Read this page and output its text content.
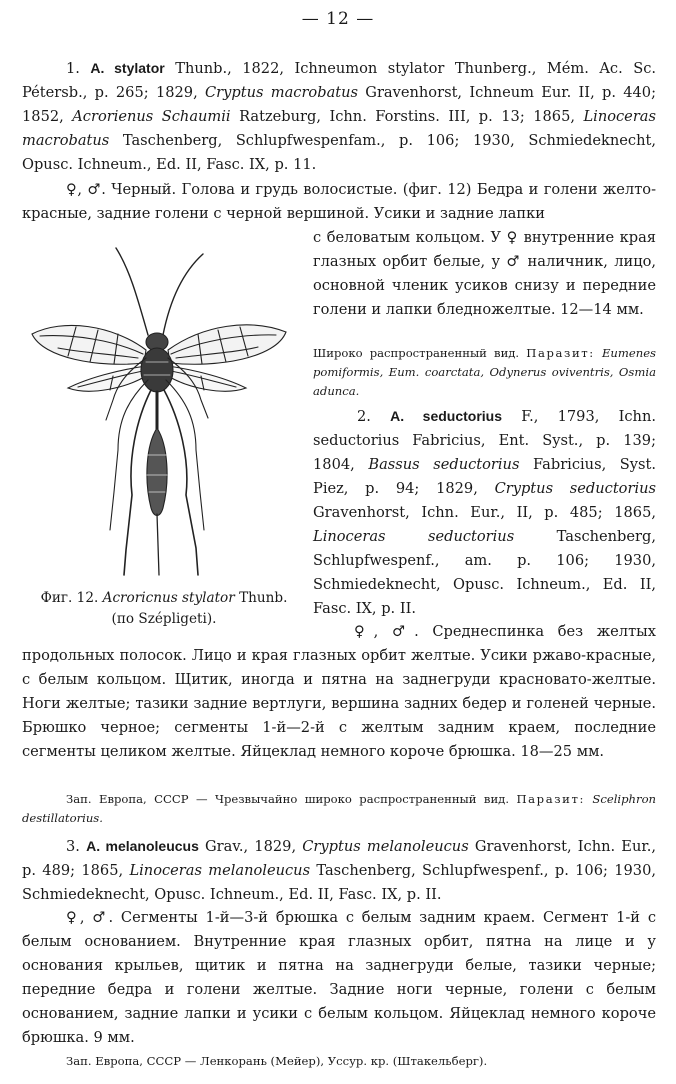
— 12 —

1. A. stylator Thunb., 1822, Ichneumon stylator Thunberg., Mém. Ac. Sc. Pétersb., p. 265; 1829, Cryptus macrobatus Gravenhorst, Ichneum Eur. II, p. 440; 1852, Acrorienus Schaumii Ratzeburg, Ichn. Forstins. III, p. 13; 1865, Linoceras macrobatus Taschenberg, Schlupfwespenfam., p. 106; 1930, Schmiedeknecht, Opusc. Ichneum., Ed. II, Fasc. IX, p. 11.

♀, ♂. Черный. Голова и грудь волосистые. (фиг. 12) Бедра и голени желто-красные, задние голени с черной вершиной. Усики и задние лапки

с беловатым кольцом. У ♀ внутренние края глазных орбит белые, у ♂ наличник, лицо, основной членик усиков снизу и передние голени и лапки бледножелтые. 12—14 мм.

Широко распространенный вид. Паразит: Eumenes pomiformis, Eum. coarctata, Odynerus oviventris, Osmia adunca.

Фиг. 12. Acroricnus stylator Thunb.
(по Szépligeti).

2. A. seductorius F., 1793, Ichn. seductorius Fabricius, Ent. Syst., p. 139; 1804, Bassus seductorius Fabricius, Syst. Piez, p. 94; 1829, Cryptus seductorius Gravenhorst, Ichn. Eur., II, p. 485; 1865, Linoceras seductorius Taschenberg, Schlupfwespenf., am. p. 106; 1930, Schmiedeknecht, Opusc. Ichneum., Ed. II, Fasc. IX, p. II.

♀, ♂. Среднеспинка без желтых продольных полосок. Лицо и края глазных орбит желтые. Усики ржаво-красные, с белым кольцом. Щитик, иногда и пятна на заднегруди красновато-желтые. Ноги желтые; тазики задние вертлуги, вершина задних бедер и голеней черные. Брюшко черное; сегменты 1-й—2-й с желтым задним краем, последние сегменты целиком желтые. Яйцеклад немного короче брюшка. 18—25 мм.

Зап. Европа, СССР — Чрезвычайно широко распространенный вид. Паразит: Sceliphron destillatorius.

3. A. melanoleucus Grav., 1829, Cryptus melanoleucus Gravenhorst, Ichn. Eur., p. 489; 1865, Linoceras melanoleucus Taschenberg, Schlupfwespenf., p. 106; 1930, Schmiedeknecht, Opusc. Ichneum., Ed. II, Fasc. IX, p. II.

♀, ♂. Сегменты 1-й—3-й брюшка с белым задним краем. Сегмент 1-й с белым основанием. Внутренние края глазных орбит, пятна на лице и у основания крыльев, щитик и пятна на заднегруди белые, тазики черные; передние бедра и голени желтые. Задние ноги черные, голени с белым основанием, задние лапки и усики с белым кольцом. Яйцеклад немного короче брюшка. 9 мм.

Зап. Европа, СССР — Ленкорань (Мейер), Уссур. кр. (Штакельберг).
